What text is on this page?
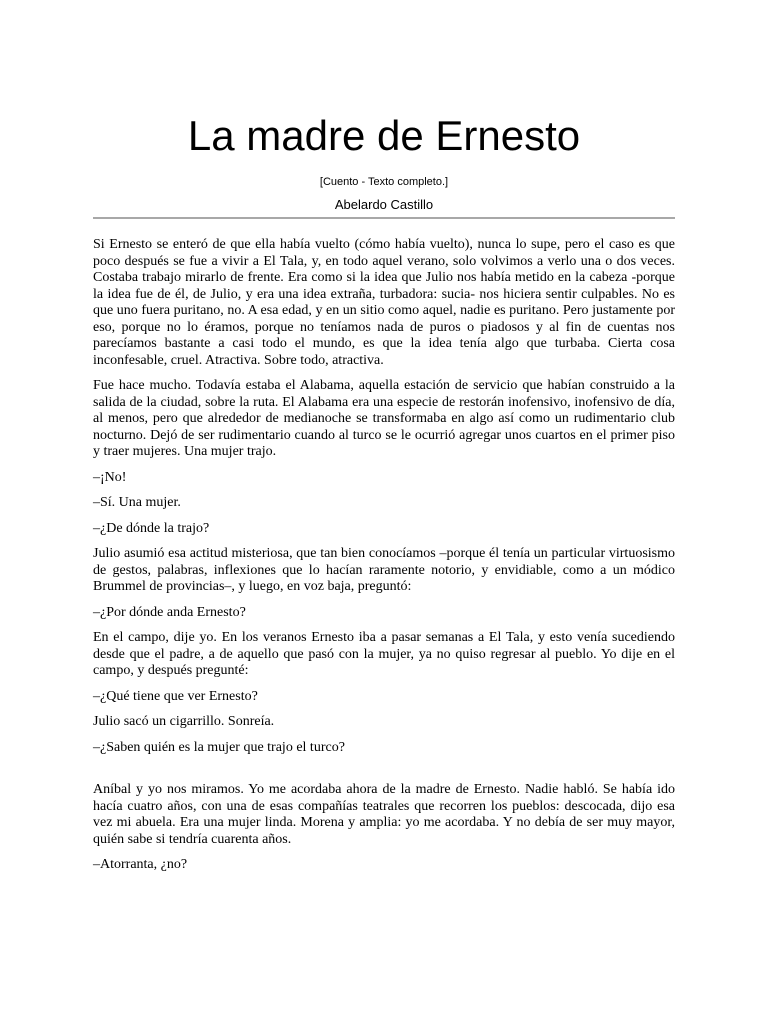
La madre de Ernesto
[Cuento - Texto completo.]
Abelardo Castillo

Si Ernesto se enteró de que ella había vuelto (cómo había vuelto), nunca lo supe, pero el caso es que poco después se fue a vivir a El Tala, y, en todo aquel verano, solo volvimos a verlo una o dos veces. Costaba trabajo mirarlo de frente. Era como si la idea que Julio nos había metido en la cabeza -porque la idea fue de él, de Julio, y era una idea extraña, turbadora: sucia- nos hiciera sentir culpables. No es que uno fuera puritano, no. A esa edad, y en un sitio como aquel, nadie es puritano. Pero justamente por eso, porque no lo éramos, porque no teníamos nada de puros o piadosos y al fin de cuentas nos parecíamos bastante a casi todo el mundo, es que la idea tenía algo que turbaba. Cierta cosa inconfesable, cruel. Atractiva. Sobre todo, atractiva.

Fue hace mucho. Todavía estaba el Alabama, aquella estación de servicio que habían construido a la salida de la ciudad, sobre la ruta. El Alabama era una especie de restorán inofensivo, inofensivo de día, al menos, pero que alrededor de medianoche se transformaba en algo así como un rudimentario club nocturno. Dejó de ser rudimentario cuando al turco se le ocurrió agregar unos cuartos en el primer piso y traer mujeres. Una mujer trajo.

–¡No!

–Sí. Una mujer.

–¿De dónde la trajo?

Julio asumió esa actitud misteriosa, que tan bien conocíamos –porque él tenía un particular virtuosismo de gestos, palabras, inflexiones que lo hacían raramente notorio, y envidiable, como a un módico Brummel de provincias–, y luego, en voz baja, preguntó:

–¿Por dónde anda Ernesto?

En el campo, dije yo. En los veranos Ernesto iba a pasar semanas a El Tala, y esto venía sucediendo desde que el padre, a de aquello que pasó con la mujer, ya no quiso regresar al pueblo. Yo dije en el campo, y después pregunté:

–¿Qué tiene que ver Ernesto?

Julio sacó un cigarrillo. Sonreía.

–¿Saben quién es la mujer que trajo el turco?

Aníbal y yo nos miramos. Yo me acordaba ahora de la madre de Ernesto. Nadie habló. Se había ido hacía cuatro años, con una de esas compañías teatrales que recorren los pueblos: descocada, dijo esa vez mi abuela. Era una mujer linda. Morena y amplia: yo me acordaba. Y no debía de ser muy mayor, quién sabe si tendría cuarenta años.

–Atorranta, ¿no?
